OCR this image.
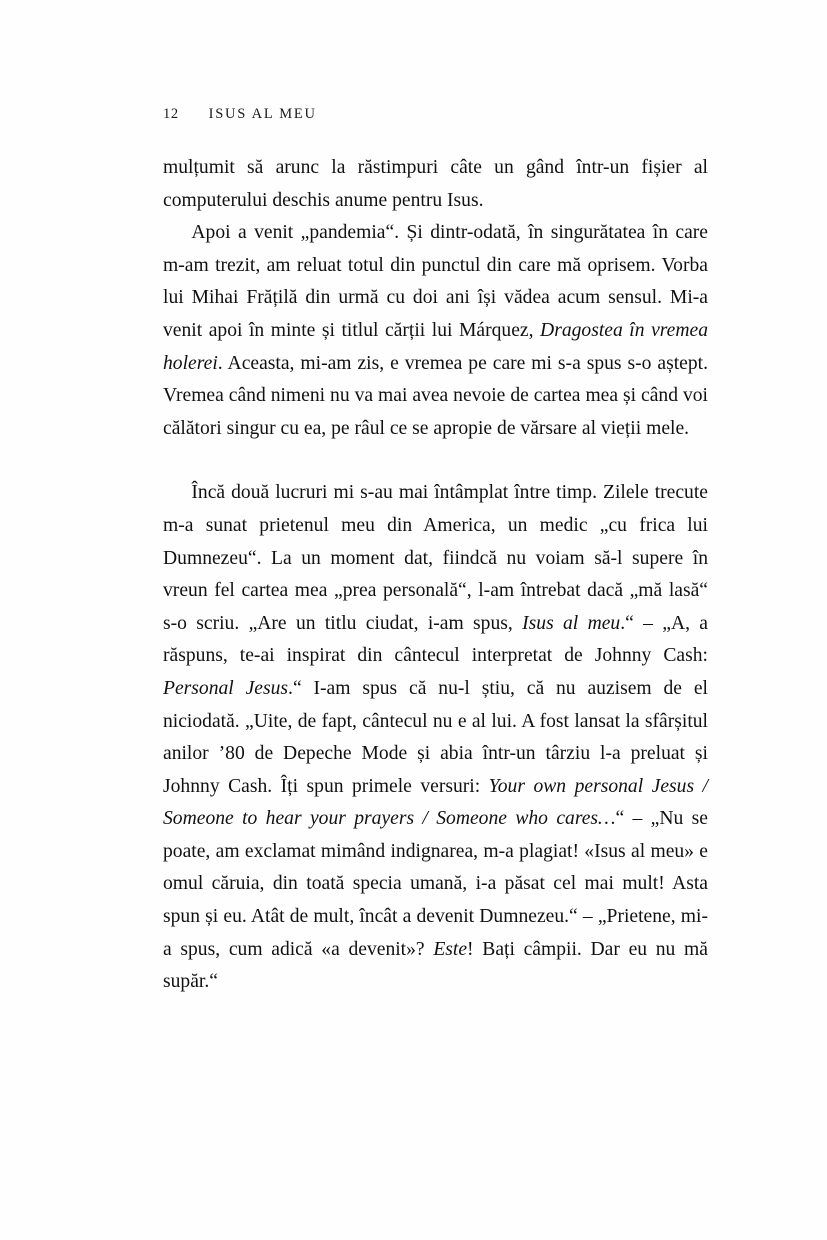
12 ISUS AL MEU

mulțumit să arunc la răstimpuri câte un gând într-un fișier al computerului deschis anume pentru Isus.

Apoi a venit „pandemia“. Și dintr-odată, în singurătatea în care m-am trezit, am reluat totul din punctul din care mă oprisem. Vorba lui Mihai Frățilă din urmă cu doi ani își vădea acum sensul. Mi-a venit apoi în minte și titlul cărții lui Márquez, Dragostea în vremea holerei. Aceasta, mi-am zis, e vremea pe care mi s-a spus s-o aștept. Vremea când nimeni nu va mai avea nevoie de cartea mea și când voi călători singur cu ea, pe râul ce se apropie de vărsare al vieții mele.

Încă două lucruri mi s-au mai întâmplat între timp. Zilele trecute m-a sunat prietenul meu din America, un medic „cu frica lui Dumnezeu“. La un moment dat, fiindcă nu voiam să-l supere în vreun fel cartea mea „prea personală“, l-am întrebat dacă „mă lasă“ s-o scriu. „Are un titlu ciudat, i-am spus, Isus al meu.“ – „A, a răspuns, te-ai inspirat din cântecul interpretat de Johnny Cash: Personal Jesus.“ I-am spus că nu-l știu, că nu auzisem de el niciodată. „Uite, de fapt, cântecul nu e al lui. A fost lansat la sfârșitul anilor ’80 de Depeche Mode și abia într-un târziu l-a preluat și Johnny Cash. Îți spun primele versuri: Your own personal Jesus / Someone to hear your prayers / Someone who cares…“ – „Nu se poate, am exclamat mimând indignarea, m-a plagiat! «Isus al meu» e omul căruia, din toată specia umană, i-a păsat cel mai mult! Asta spun și eu. Atât de mult, încât a devenit Dumnezeu.“ – „Prietene, mi-a spus, cum adică «a devenit»? Este! Bați câmpii. Dar eu nu mă supăr.“
